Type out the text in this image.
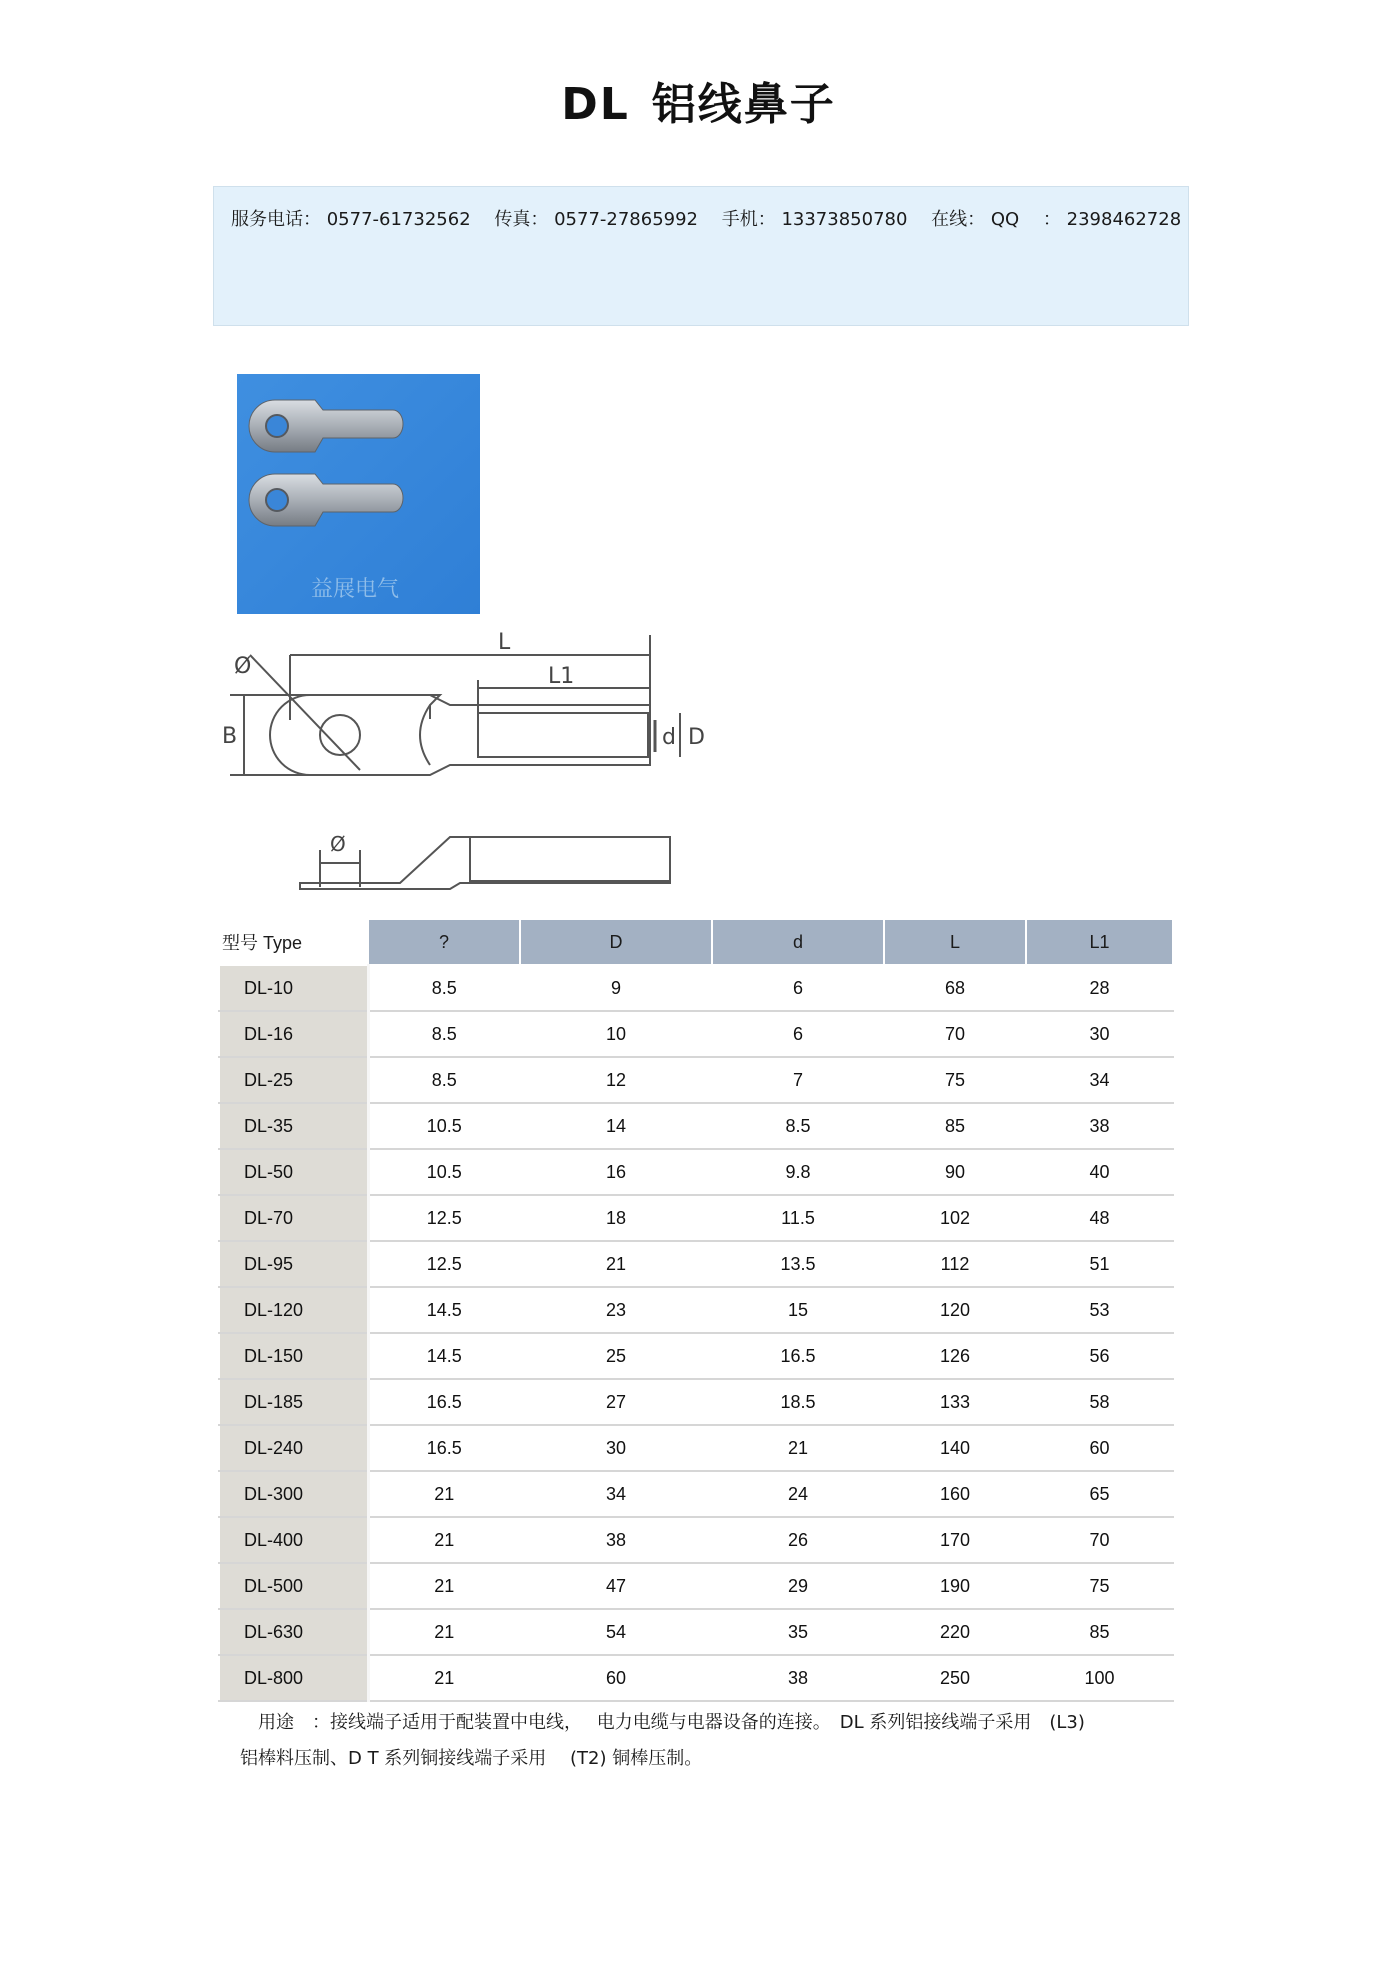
DL 铝线鼻子
服务电话： 0577-61732562 　传真： 0577-27865992 　手机： 13373850780 　在线： QQ 　： 2398462728
益展电气
L
L1
B	d D
Ø
Ø
型号 Type	?	D	d	L	L1
DL-10	8.5	9	6	68	28
DL-16	8.5	10	6	70	30
DL-25	8.5	12	7	75	34
DL-35	10.5	14	8.5	85	38
DL-50	10.5	16	9.8	90	40
DL-70	12.5	18	11.5	102	48
DL-95	12.5	21	13.5	112	51
DL-120	14.5	23	15	120	53
DL-150	14.5	25	16.5	126	56
DL-185	16.5	27	18.5	133	58
DL-240	16.5	30	21	140	60
DL-300	21	34	24	160	65
DL-400	21	38	26	170	70
DL-500	21	47	29	190	75
DL-630	21	54	35	220	85
DL-800	21	60	38	250	100

　用途　：接线端子适用于配装置中电线，　 电力电缆与电器设备的连接。　DL 系列铝接线端子采用　(L3)

铝棒料压制、D T 系列铜接线端子采用　 (T2) 铜棒压制。
